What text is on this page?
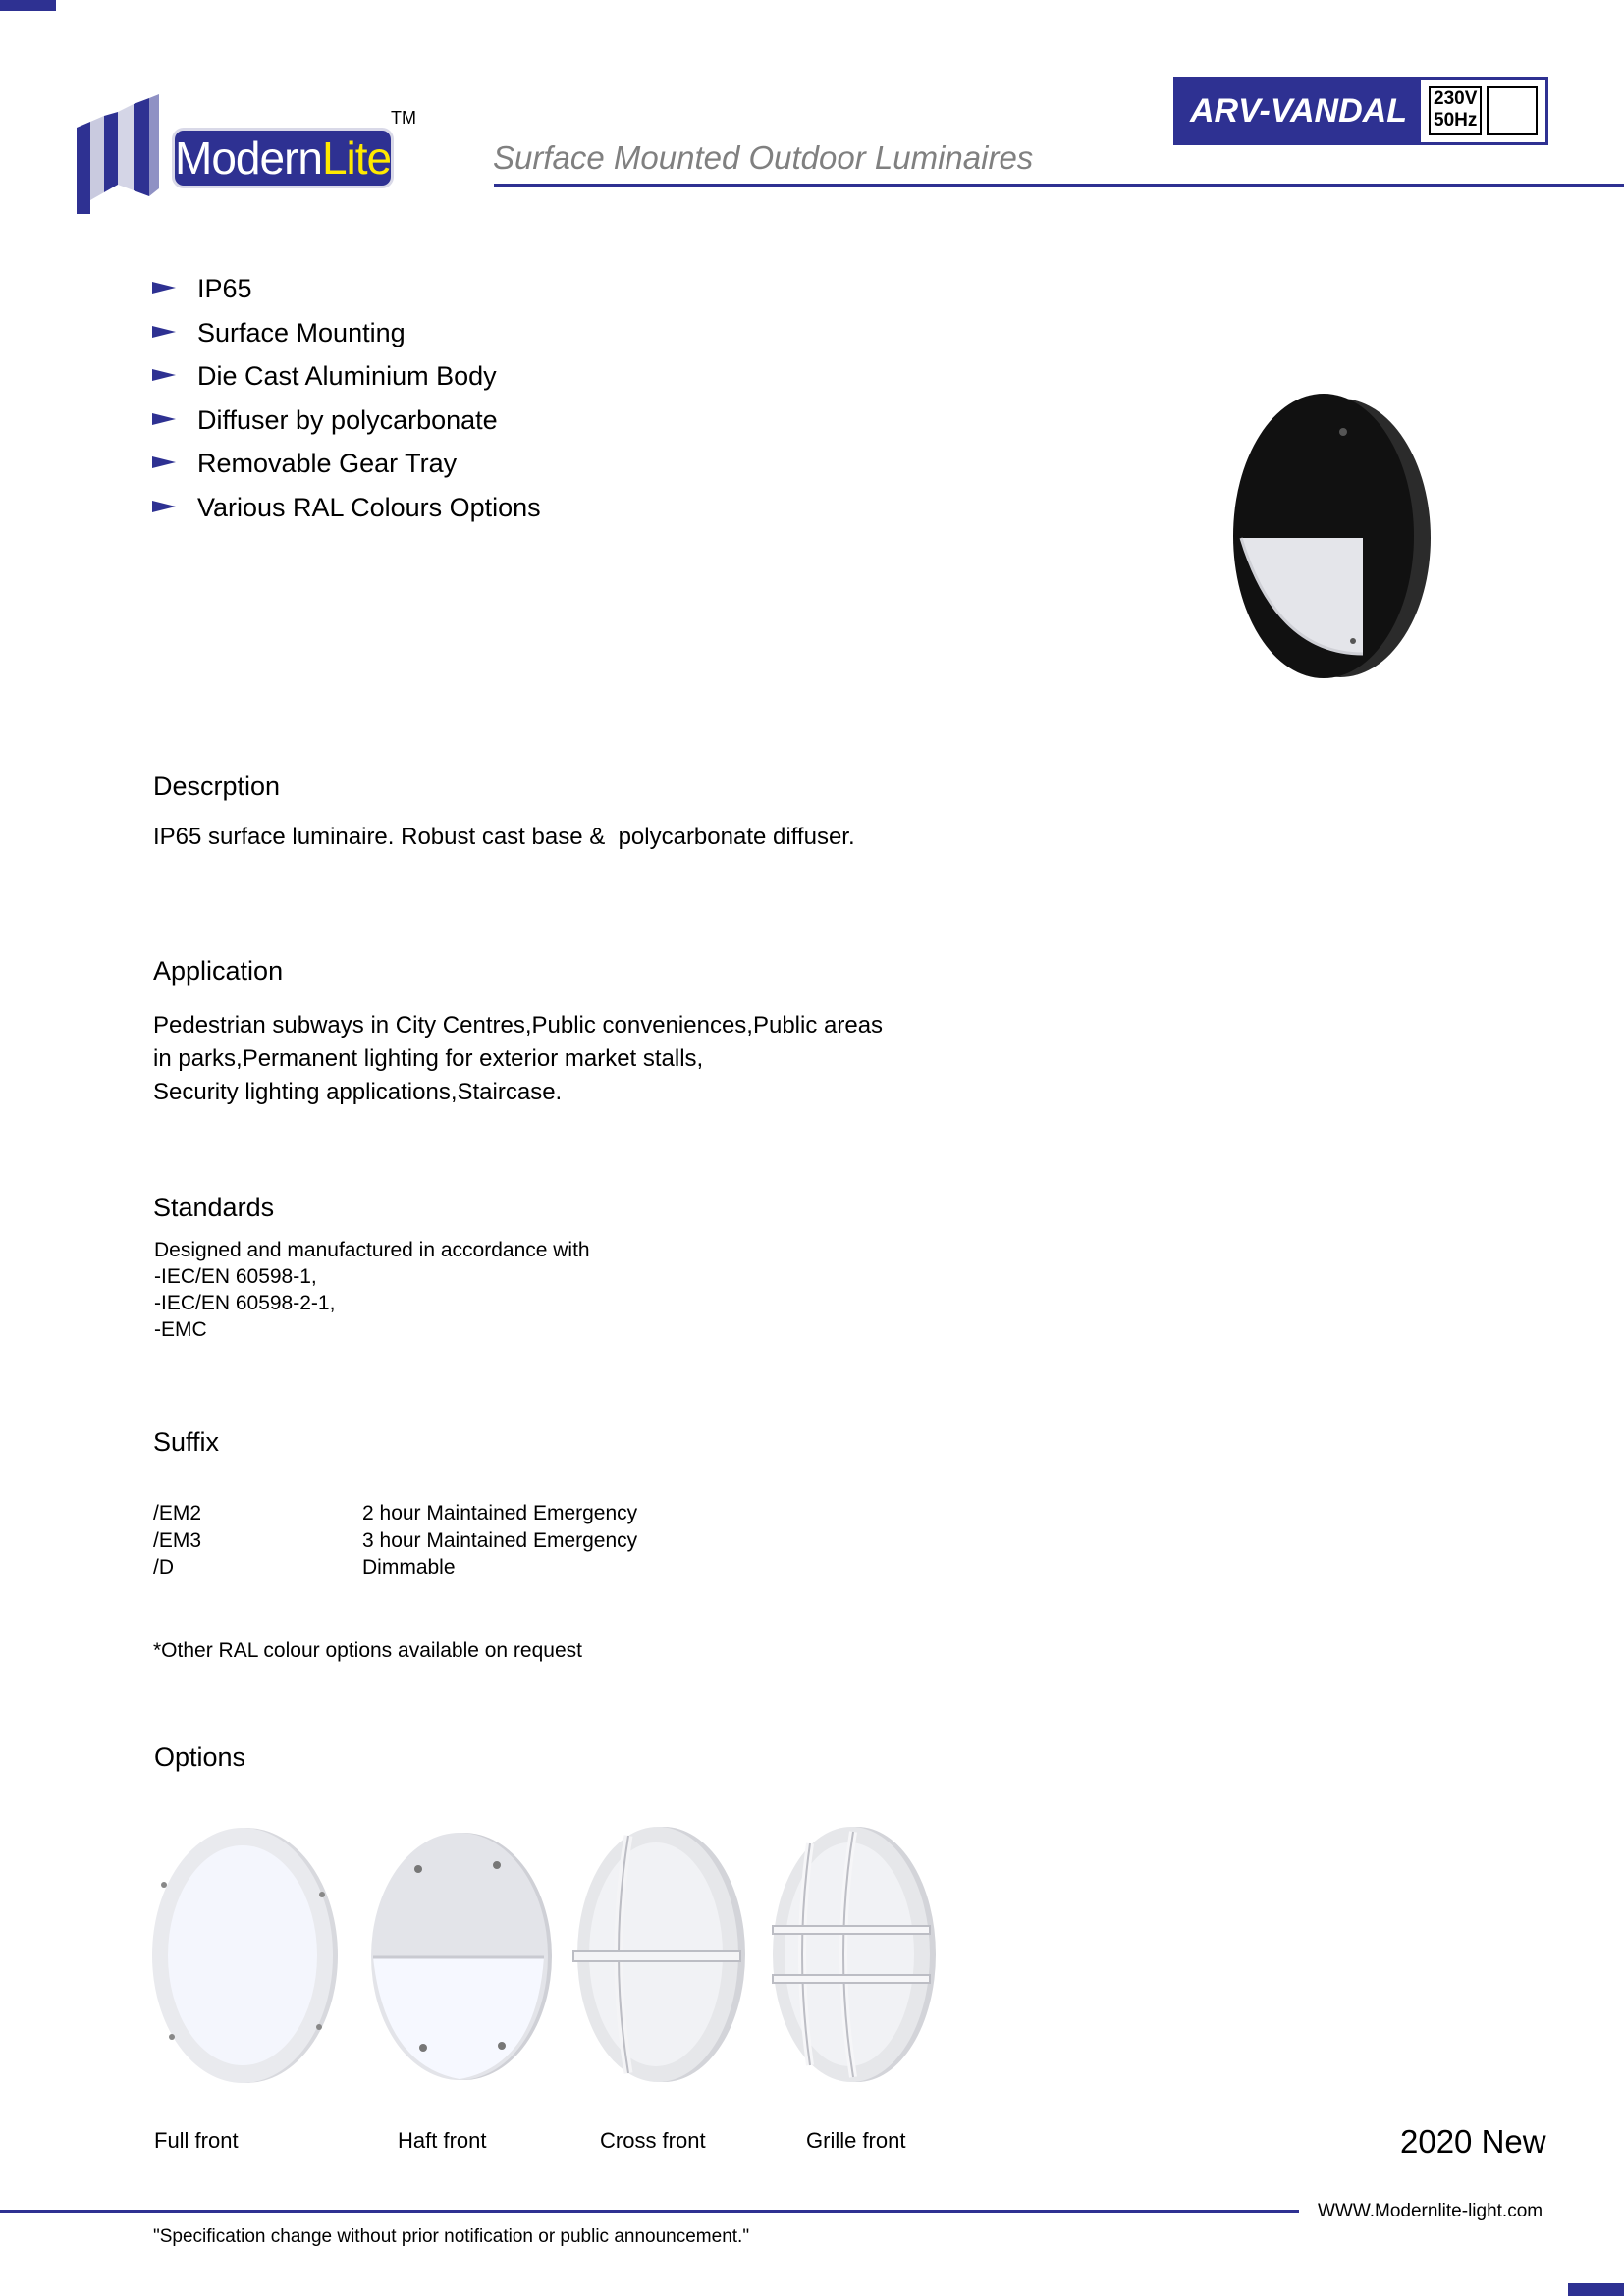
ModernLite
TM
Surface Mounted Outdoor Luminaires
ARV-VANDAL	230V
50Hz
IP65
Surface Mounting
Die Cast Aluminium Body
Diffuser by polycarbonate
Removable Gear Tray
Various RAL Colours Options
Descrption
IP65 surface luminaire. Robust cast base &  polycarbonate diffuser.
Application
Pedestrian subways in City Centres,Public conveniences,Public areas
in parks,Permanent lighting for exterior market stalls,
Security lighting applications,Staircase.
Standards
Designed and manufactured in accordance with
-IEC/EN 60598-1,
-IEC/EN 60598-2-1,
-EMC
Suffix
/EM2	2 hour Maintained Emergency
/EM3	3 hour Maintained Emergency
/D	Dimmable
*Other RAL colour options available on request
Options
Full front	Haft front	Cross front	Grille front	2020 New
WWW.Modernlite-light.com
"Specification change without prior notification or public announcement."
